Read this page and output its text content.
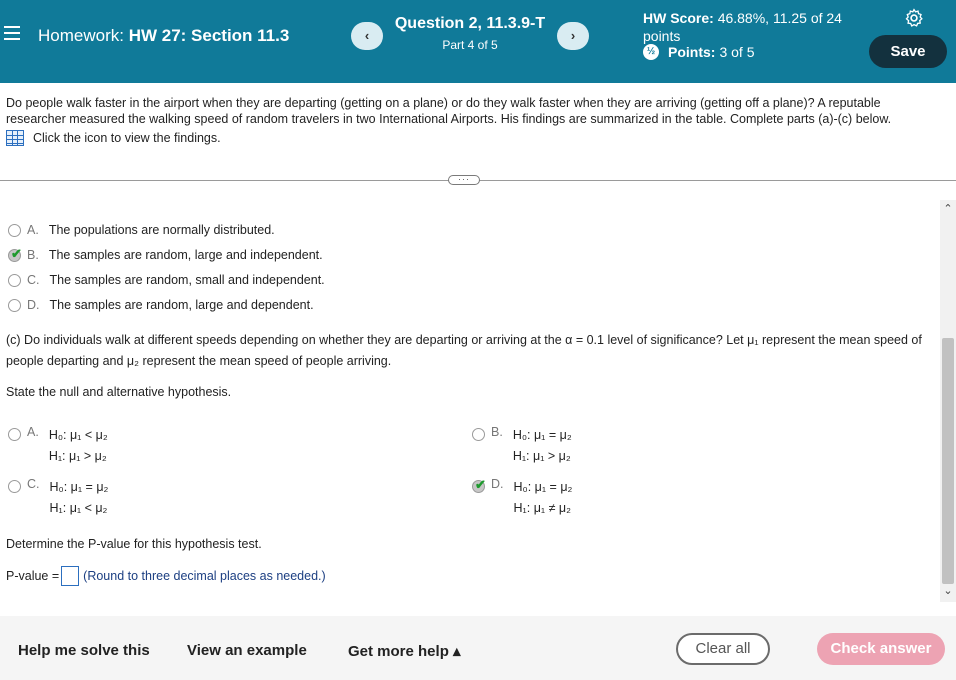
Homework: HW 27: Section 11.3	‹
Question 2, 11.3.9-T
Part 4 of 5
›
HW Score: 46.88%, 11.25 of 24 points
½ Points: 3 of 5	Save
Do people walk faster in the airport when they are departing (getting on a plane) or do they walk faster when they are arriving (getting off a plane)? A reputable researcher measured the walking speed of random travelers in two International Airports. His findings are summarized in the table. Complete parts (a)-(c) below.
Click the icon to view the findings.
···
A. The populations are normally distributed.
✔ B. The samples are random, large and independent.
C. The samples are random, small and independent.
D. The samples are random, large and dependent.
(c) Do individuals walk at different speeds depending on whether they are departing or arriving at the α = 0.1 level of significance? Let μ₁ represent the mean speed of people departing and μ₂ represent the mean speed of people arriving.
State the null and alternative hypothesis.
A. H₀: μ₁ < μ₂
H₁: μ₁ > μ₂
B. H₀: μ₁ = μ₂
H₁: μ₁ > μ₂
C. H₀: μ₁ = μ₂
H₁: μ₁ < μ₂
✔ D. H₀: μ₁ = μ₂
H₁: μ₁ ≠ μ₂
Determine the P-value for this hypothesis test.
P-value = (Round to three decimal places as needed.)
⌃
⌄
Help me solve this View an example	Get more help ▴	Clear all	Check answer
